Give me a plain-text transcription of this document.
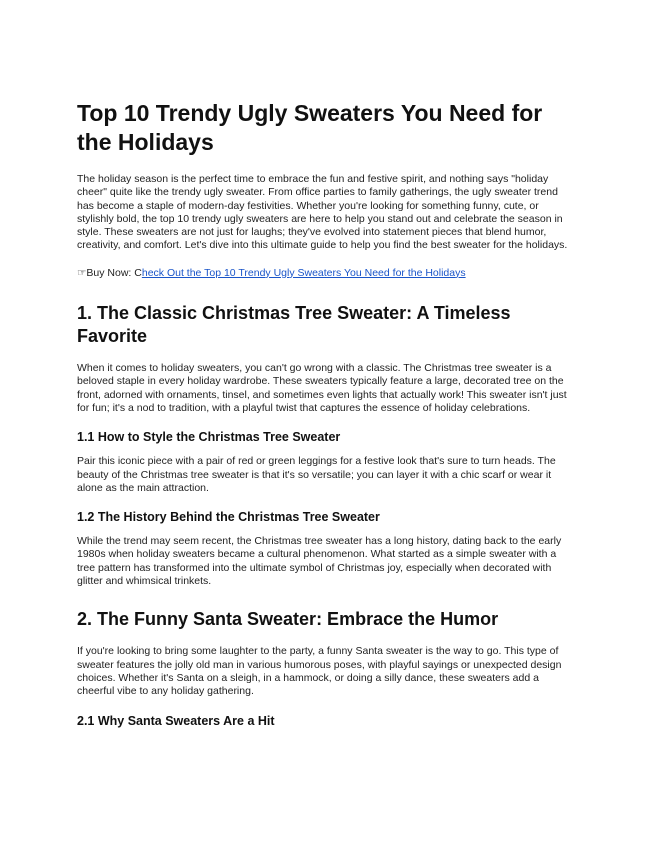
Top 10 Trendy Ugly Sweaters You Need for the Holidays

The holiday season is the perfect time to embrace the fun and festive spirit, and nothing says "holiday cheer" quite like the trendy ugly sweater. From office parties to family gatherings, the ugly sweater trend has become a staple of modern-day festivities. Whether you're looking for something funny, cute, or stylishly bold, the top 10 trendy ugly sweaters are here to help you stand out and celebrate the season in style. These sweaters are not just for laughs; they've evolved into statement pieces that blend humor, creativity, and comfort. Let's dive into this ultimate guide to help you find the best sweater for the holidays.

☞Buy Now: Check Out the Top 10 Trendy Ugly Sweaters You Need for the Holidays
1. The Classic Christmas Tree Sweater: A Timeless Favorite

When it comes to holiday sweaters, you can't go wrong with a classic. The Christmas tree sweater is a beloved staple in every holiday wardrobe. These sweaters typically feature a large, decorated tree on the front, adorned with ornaments, tinsel, and sometimes even lights that actually work! This sweater isn't just for fun; it's a nod to tradition, with a playful twist that captures the essence of holiday celebrations.

1.1 How to Style the Christmas Tree Sweater

Pair this iconic piece with a pair of red or green leggings for a festive look that's sure to turn heads. The beauty of the Christmas tree sweater is that it's so versatile; you can layer it with a chic scarf or wear it alone as the main attraction.

1.2 The History Behind the Christmas Tree Sweater

While the trend may seem recent, the Christmas tree sweater has a long history, dating back to the early 1980s when holiday sweaters became a cultural phenomenon. What started as a simple sweater with a tree pattern has transformed into the ultimate symbol of Christmas joy, especially when decorated with glitter and whimsical trinkets.

2. The Funny Santa Sweater: Embrace the Humor

If you're looking to bring some laughter to the party, a funny Santa sweater is the way to go. This type of sweater features the jolly old man in various humorous poses, with playful sayings or unexpected design choices. Whether it's Santa on a sleigh, in a hammock, or doing a silly dance, these sweaters add a cheerful vibe to any holiday gathering.

2.1 Why Santa Sweaters Are a Hit
